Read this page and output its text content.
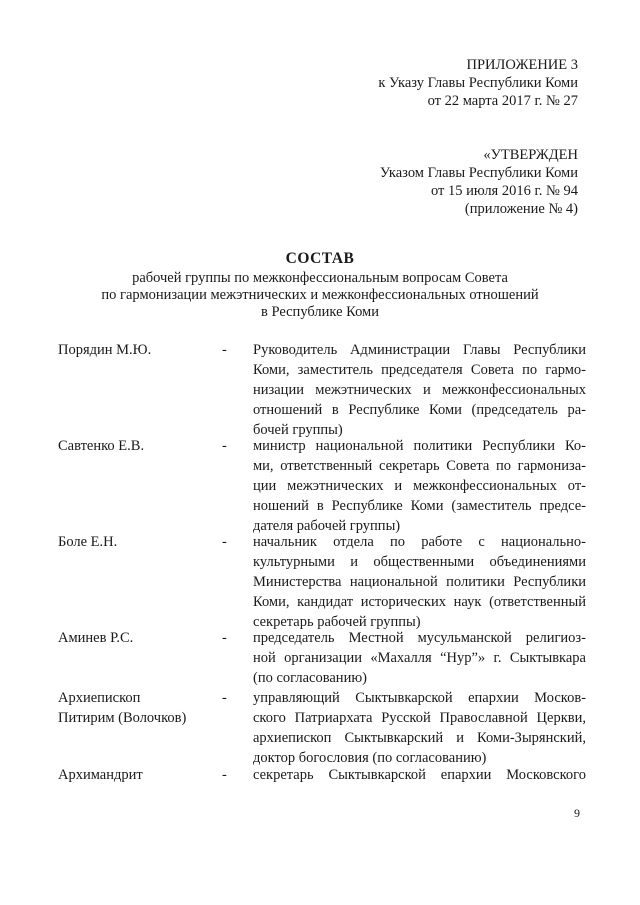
ПРИЛОЖЕНИЕ 3
к Указу Главы Республики Коми
от 22 марта 2017 г. № 27
«УТВЕРЖДЕН
Указом Главы Республики Коми
от 15 июля 2016 г. № 94
(приложение № 4)
СОСТАВ
рабочей группы по межконфессиональным вопросам Совета
по гармонизации межэтнических и межконфессиональных отношений
в Республике Коми
Порядин М.Ю.	- Руководитель Администрации Главы Республики
Коми, заместитель председателя Совета по гармо-
низации межэтнических и межконфессиональных
отношений в Республике Коми (председатель ра-
бочей группы)
Савтенко Е.В.	- министр национальной политики Республики Ко-
ми, ответственный секретарь Совета по гармониза-
ции межэтнических и межконфессиональных от-
ношений в Республике Коми (заместитель предсе-
дателя рабочей группы)
Боле Е.Н.	- начальник отдела по работе с национально-
культурными и общественными объединениями
Министерства национальной политики Республики
Коми, кандидат исторических наук (ответственный
секретарь рабочей группы)
Аминев Р.С.	- председатель Местной мусульманской религиоз-
ной организации «Махалля “Нур”» г. Сыктывкара
(по согласованию)
Архиепископ
Питирим (Волочков)
- управляющий Сыктывкарской епархии Москов-
ского Патриархата Русской Православной Церкви,
архиепископ Сыктывкарский и Коми-Зырянский,
доктор богословия (по согласованию)
Архимандрит	- секретарь Сыктывкарской епархии Московского
9
